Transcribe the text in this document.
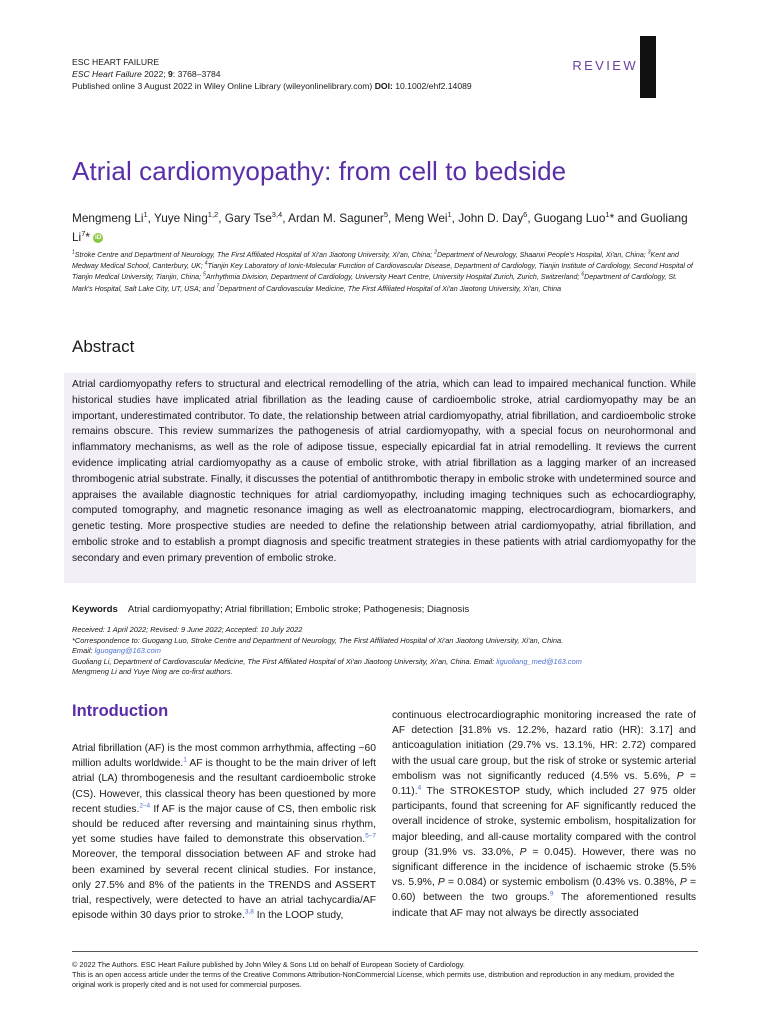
ESC HEART FAILURE
ESC Heart Failure 2022; 9: 3768–3784
Published online 3 August 2022 in Wiley Online Library (wileyonlinelibrary.com) DOI: 10.1002/ehf2.14089
REVIEW
Atrial cardiomyopathy: from cell to bedside
Mengmeng Li$^1$, Yuye Ning$^{1,2}$, Gary Tse$^{3,4}$, Ardan M. Saguner$^5$, Meng Wei$^1$, John D. Day$^6$, Guogang Luo$^1$* and Guoliang Li$^7$* iD
$^1$Stroke Centre and Department of Neurology, The First Affiliated Hospital of Xi'an Jiaotong University, Xi'an, China; $^2$Department of Neurology, Shaanxi People's Hospital, Xi'an, China; $^3$Kent and Medway Medical School, Canterbury, UK; $^4$Tianjin Key Laboratory of Ionic-Molecular Function of Cardiovascular Disease, Department of Cardiology, Tianjin Institute of Cardiology, Second Hospital of Tianjin Medical University, Tianjin, China; $^5$Arrhythmia Division, Department of Cardiology, University Heart Centre, University Hospital Zurich, Zurich, Switzerland; $^6$Department of Cardiology, St. Mark's Hospital, Salt Lake City, UT, USA; and $^7$Department of Cardiovascular Medicine, The First Affiliated Hospital of Xi'an Jiaotong University, Xi'an, China
Abstract
Atrial cardiomyopathy refers to structural and electrical remodelling of the atria, which can lead to impaired mechanical function. While historical studies have implicated atrial fibrillation as the leading cause of cardioembolic stroke, atrial cardiomyopathy may be an important, underestimated contributor. To date, the relationship between atrial cardiomyopathy, atrial fibrillation, and cardioembolic stroke remains obscure. This review summarizes the pathogenesis of atrial cardiomyopathy, with a special focus on neurohormonal and inflammatory mechanisms, as well as the role of adipose tissue, especially epicardial fat in atrial remodelling. It reviews the current evidence implicating atrial cardiomyopathy as a cause of embolic stroke, with atrial fibrillation as a lagging marker of an increased thrombogenic atrial substrate. Finally, it discusses the potential of antithrombotic therapy in embolic stroke with undetermined source and appraises the available diagnostic techniques for atrial cardiomyopathy, including imaging techniques such as echocardiography, computed tomography, and magnetic resonance imaging as well as electroanatomic mapping, electrocardiogram, biomarkers, and genetic testing. More prospective studies are needed to define the relationship between atrial cardiomyopathy, atrial fibrillation, and embolic stroke and to establish a prompt diagnosis and specific treatment strategies in these patients with atrial cardiomyopathy for the secondary and even primary prevention of embolic stroke.
Keywords Atrial cardiomyopathy; Atrial fibrillation; Embolic stroke; Pathogenesis; Diagnosis
Received: 1 April 2022; Revised: 9 June 2022; Accepted: 10 July 2022
*Correspondence to: Guogang Luo, Stroke Centre and Department of Neurology, The First Affiliated Hospital of Xi'an Jiaotong University, Xi'an, China.
Email: lguogang@163.com
Guoliang Li, Department of Cardiovascular Medicine, The First Affiliated Hospital of Xi'an Jiaotong University, Xi'an, China. Email: liguoliang_med@163.com
Mengmeng Li and Yuye Ning are co-first authors.
Introduction
Atrial fibrillation (AF) is the most common arrhythmia, affecting ~60 million adults worldwide.$^1$ AF is thought to be the main driver of left atrial (LA) thrombogenesis and the resultant cardioembolic stroke (CS). However, this classical theory has been questioned by more recent studies.$^{2-4}$ If AF is the major cause of CS, then embolic risk should be reduced after reversing and maintaining sinus rhythm, yet some studies have failed to demonstrate this observation.$^{5-7}$ Moreover, the temporal dissociation between AF and stroke had been examined by several recent clinical studies. For instance, only 27.5% and 8% of the patients in the TRENDS and ASSERT trial, respectively, were detected to have an atrial tachycardia/AF episode within 30 days prior to stroke.$^{3,8}$ In the LOOP study,
continuous electrocardiographic monitoring increased the rate of AF detection [31.8% vs. 12.2%, hazard ratio (HR): 3.17] and anticoagulation initiation (29.7% vs. 13.1%, HR: 2.72) compared with the usual care group, but the risk of stroke or systemic arterial embolism was not significantly reduced (4.5% vs. 5.6%, P = 0.11).$^4$ The STROKESTOP study, which included 27 975 older participants, found that screening for AF significantly reduced the overall incidence of stroke, systemic embolism, hospitalization for major bleeding, and all-cause mortality compared with the control group (31.9% vs. 33.0%, P = 0.045). However, there was no significant difference in the incidence of ischaemic stroke (5.5% vs. 5.9%, P = 0.084) or systemic embolism (0.43% vs. 0.38%, P = 0.60) between the two groups.$^9$ The aforementioned results indicate that AF may not always be directly associated
© 2022 The Authors. ESC Heart Failure published by John Wiley & Sons Ltd on behalf of European Society of Cardiology.
This is an open access article under the terms of the Creative Commons Attribution-NonCommercial License, which permits use, distribution and reproduction in any medium, provided the original work is properly cited and is not used for commercial purposes.
